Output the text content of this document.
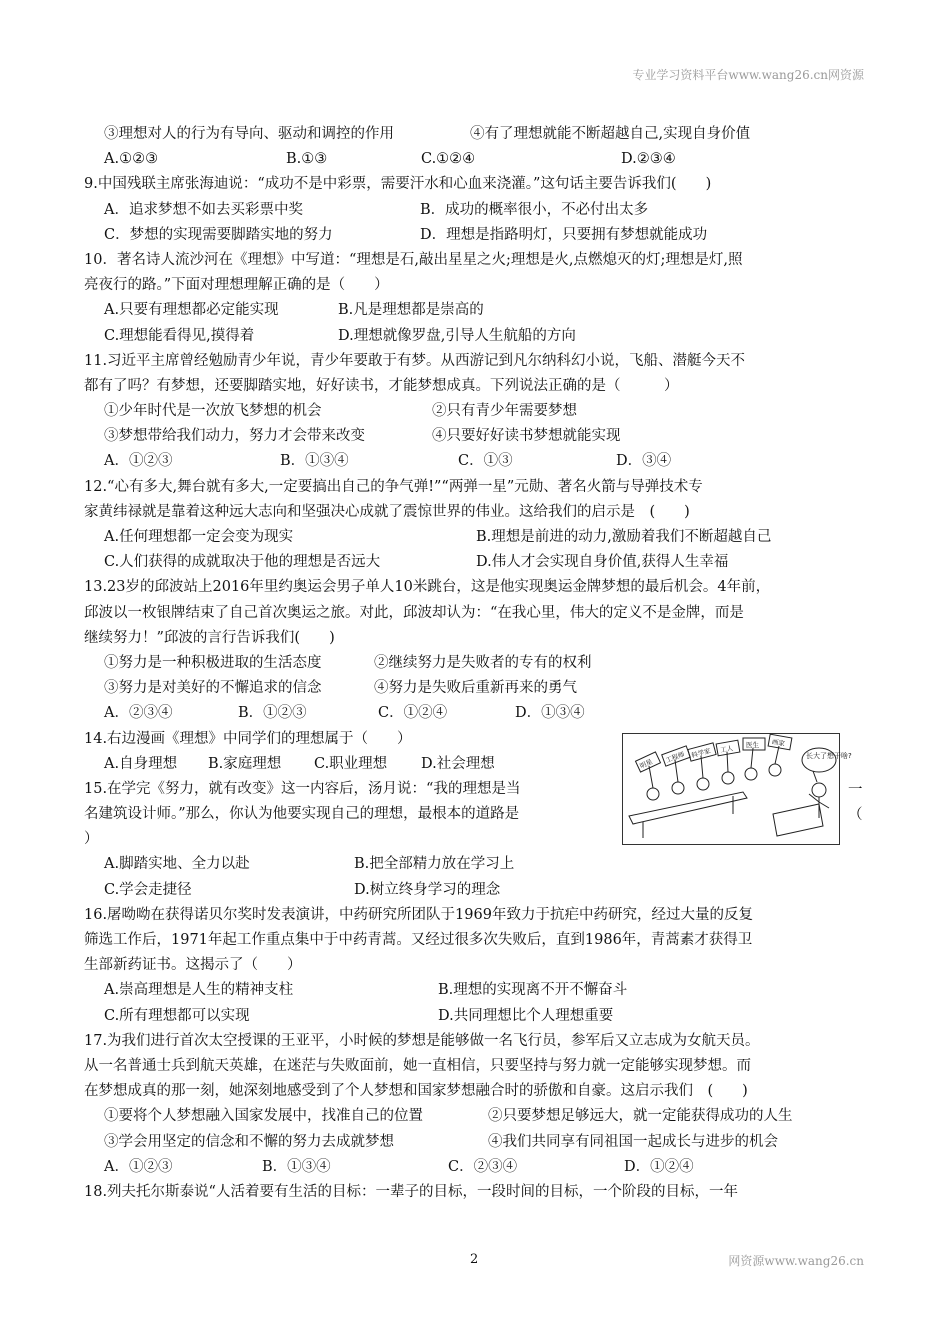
专业学习资料平台www.wang26.cn网资源
③理想对人的行为有导向、驱动和调控的作用	④有了理想就能不断超越自己,实现自身价值
A.①②③	B.①③	C.①②④	D.②③④
9.中国残联主席张海迪说：“成功不是中彩票，需要汗水和心血来浇灌。”这句话主要告诉我们(　　)
A．追求梦想不如去买彩票中奖	B．成功的概率很小，不必付出太多
C．梦想的实现需要脚踏实地的努力	D．理想是指路明灯，只要拥有梦想就能成功
10．著名诗人流沙河在《理想》中写道：“理想是石,敲出星星之火;理想是火,点燃熄灭的灯;理想是灯,照
亮夜行的路。”下面对理想理解正确的是（　　）
A.只要有理想都必定能实现	B.凡是理想都是崇高的
C.理想能看得见,摸得着	D.理想就像罗盘,引导人生航船的方向
11.习近平主席曾经勉励青少年说，青少年要敢于有梦。从西游记到凡尔纳科幻小说，飞船、潜艇今天不
都有了吗？有梦想，还要脚踏实地，好好读书，才能梦想成真。下列说法正确的是（　　　）
①少年时代是一次放飞梦想的机会	②只有青少年需要梦想
③梦想带给我们动力，努力才会带来改变	④只要好好读书梦想就能实现
A．①②③	B．①③④	C．①③	D．③④
12.“心有多大,舞台就有多大,一定要搞出自己的争气弹!”“两弹一星”元勋、著名火箭与导弹技术专
家黄纬禄就是靠着这种远大志向和坚强决心成就了震惊世界的伟业。这给我们的启示是　(　　)
A.任何理想都一定会变为现实	B.理想是前进的动力,激励着我们不断超越自己
C.人们获得的成就取决于他的理想是否远大	D.伟人才会实现自身价值,获得人生幸福
13.23岁的邱波站上2016年里约奥运会男子单人10米跳台，这是他实现奥运金牌梦想的最后机会。4年前，
邱波以一枚银牌结束了自己首次奥运之旅。对此，邱波却认为：“在我心里，伟大的定义不是金牌，而是
继续努力！”邱波的言行告诉我们(　　)
①努力是一种积极进取的生活态度	②继续努力是失败者的专有的权利
③努力是对美好的不懈追求的信念	④努力是失败后重新再来的勇气
A．②③④	B．①②③	C．①②④	D．①③④
14.右边漫画《理想》中同学们的理想属于（　　）
A.自身理想	B.家庭理想	C.职业理想	D.社会理想
15.在学完《努力，就有改变》这一内容后，汤月说：“我的理想是当
名建筑设计师。”那么，你认为他要实现自己的理想，最根本的道路是
）
A.脚踏实地、全力以赴	B.把全部精力放在学习上
C.学会走捷径	D.树立终身学习的理念
16.屠呦呦在获得诺贝尔奖时发表演讲，中药研究所团队于1969年致力于抗疟中药研究，经过大量的反复
筛选工作后，1971年起工作重点集中于中药青蒿。又经过很多次失败后，直到1986年，青蒿素才获得卫
生部新药证书。这揭示了（　　）
A.崇高理想是人生的精神支柱	B.理想的实现离不开不懈奋斗
C.所有理想都可以实现	D.共同理想比个人理想重要
17.为我们进行首次太空授课的王亚平，小时候的梦想是能够做一名飞行员，参军后又立志成为女航天员。
从一名普通士兵到航天英雄，在迷茫与失败面前，她一直相信，只要坚持与努力就一定能够实现梦想。而
在梦想成真的那一刻，她深刻地感受到了个人梦想和国家梦想融合时的骄傲和自豪。这启示我们　(　　)
①要将个人梦想融入国家发展中，找准自己的位置	②只要梦想足够远大，就一定能获得成功的人生
③学会用坚定的信念和不懈的努力去成就梦想	④我们共同享有同祖国一起成长与进步的机会
A．①②③	B．①③④	C．②③④	D．①②④
18.列夫托尔斯泰说“人活着要有生活的目标：一辈子的目标，一段时间的目标，一个阶段的目标，一年
一
（
长大了想干啥?
明星 工程师 科学家 工人 医生 画家
2	网资源www.wang26.cn
